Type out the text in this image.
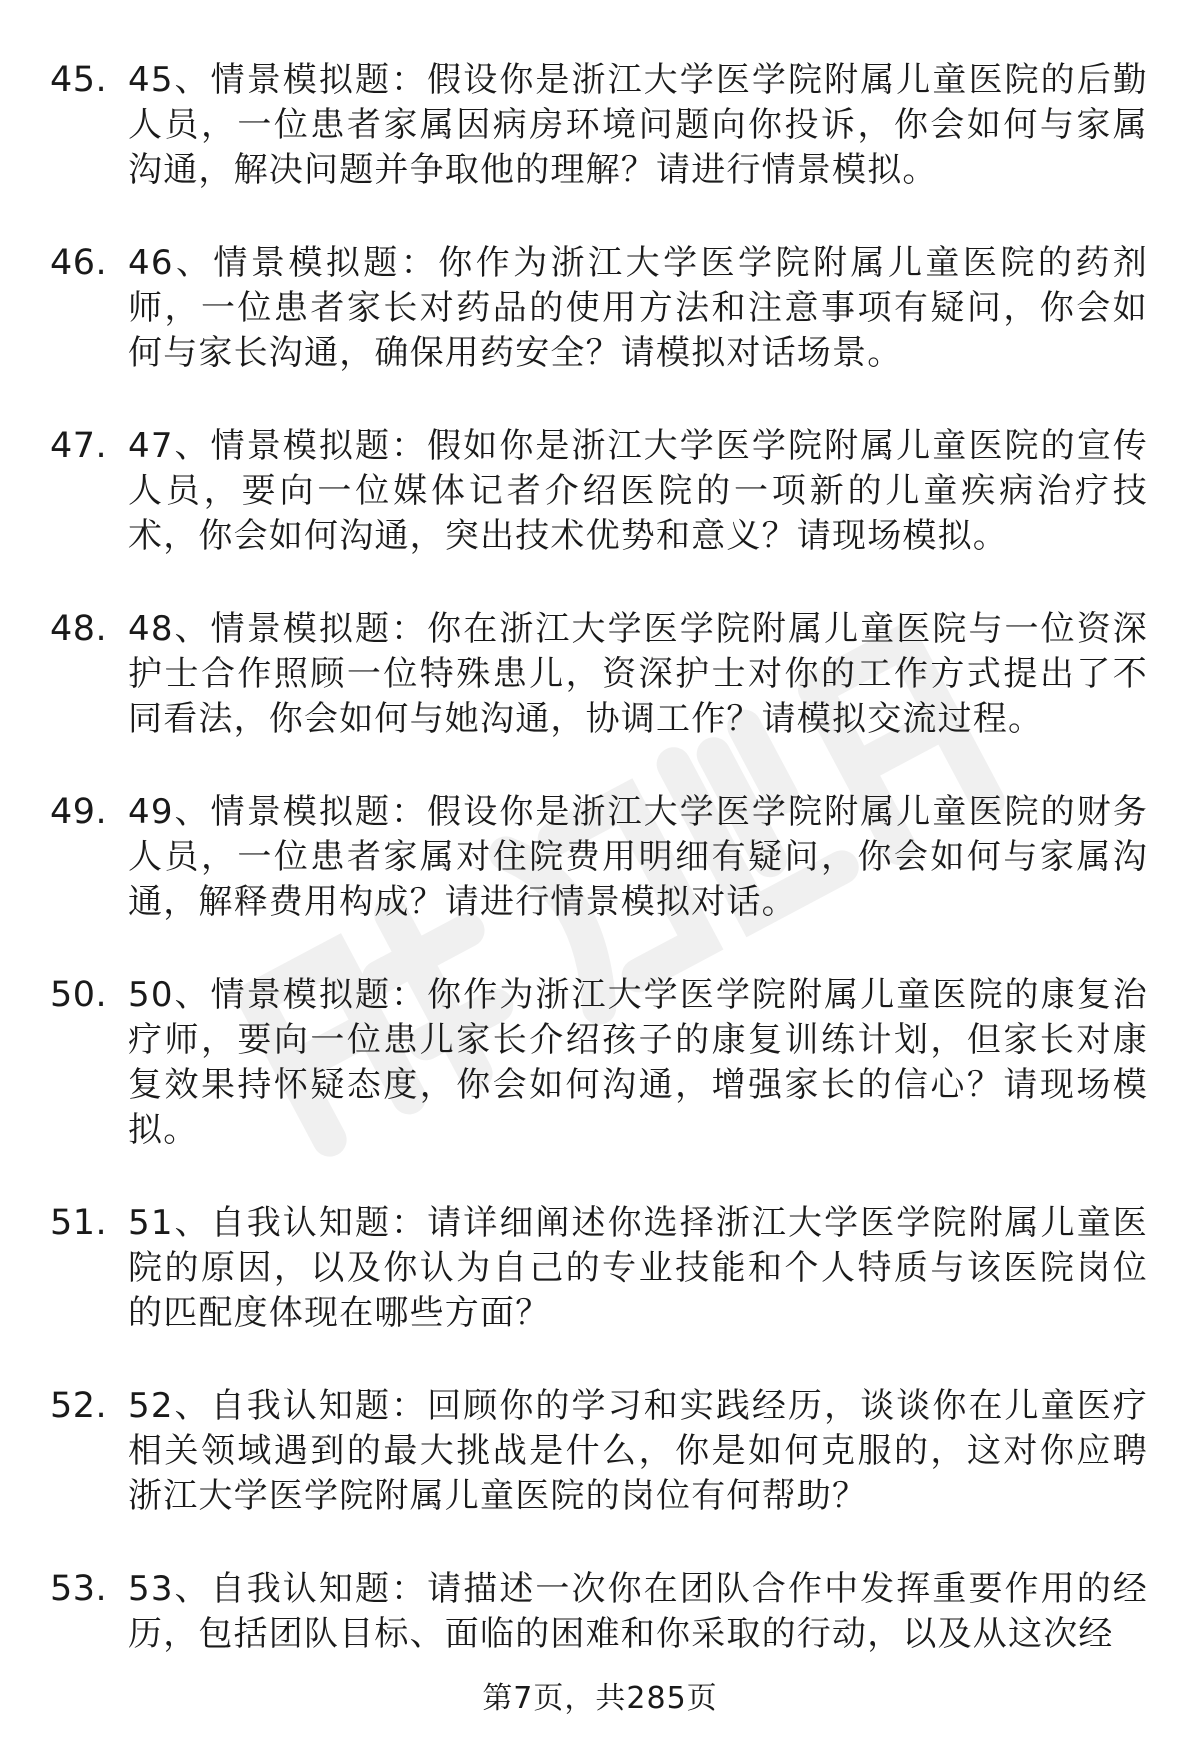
45. 45、情景模拟题：假设你是浙江大学医学院附属儿童医院的后勤人员，一位患者家属因病房环境问题向你投诉，你会如何与家属沟通，解决问题并争取他的理解？请进行情景模拟。
46. 46、情景模拟题：你作为浙江大学医学院附属儿童医院的药剂师，一位患者家长对药品的使用方法和注意事项有疑问，你会如何与家长沟通，确保用药安全？请模拟对话场景。
47. 47、情景模拟题：假如你是浙江大学医学院附属儿童医院的宣传人员，要向一位媒体记者介绍医院的一项新的儿童疾病治疗技术，你会如何沟通，突出技术优势和意义？请现场模拟。
48. 48、情景模拟题：你在浙江大学医学院附属儿童医院与一位资深护士合作照顾一位特殊患儿，资深护士对你的工作方式提出了不同看法，你会如何与她沟通，协调工作？请模拟交流过程。
49. 49、情景模拟题：假设你是浙江大学医学院附属儿童医院的财务人员，一位患者家属对住院费用明细有疑问，你会如何与家属沟通，解释费用构成？请进行情景模拟对话。
50. 50、情景模拟题：你作为浙江大学医学院附属儿童医院的康复治疗师，要向一位患儿家长介绍孩子的康复训练计划，但家长对康复效果持怀疑态度，你会如何沟通，增强家长的信心？请现场模拟。
51. 51、自我认知题：请详细阐述你选择浙江大学医学院附属儿童医院的原因，以及你认为自己的专业技能和个人特质与该医院岗位的匹配度体现在哪些方面？
52. 52、自我认知题：回顾你的学习和实践经历，谈谈你在儿童医疗相关领域遇到的最大挑战是什么，你是如何克服的，这对你应聘浙江大学医学院附属儿童医院的岗位有何帮助？
53. 53、自我认知题：请描述一次你在团队合作中发挥重要作用的经历，包括团队目标、面临的困难和你采取的行动，以及从这次经
第7页，共285页
